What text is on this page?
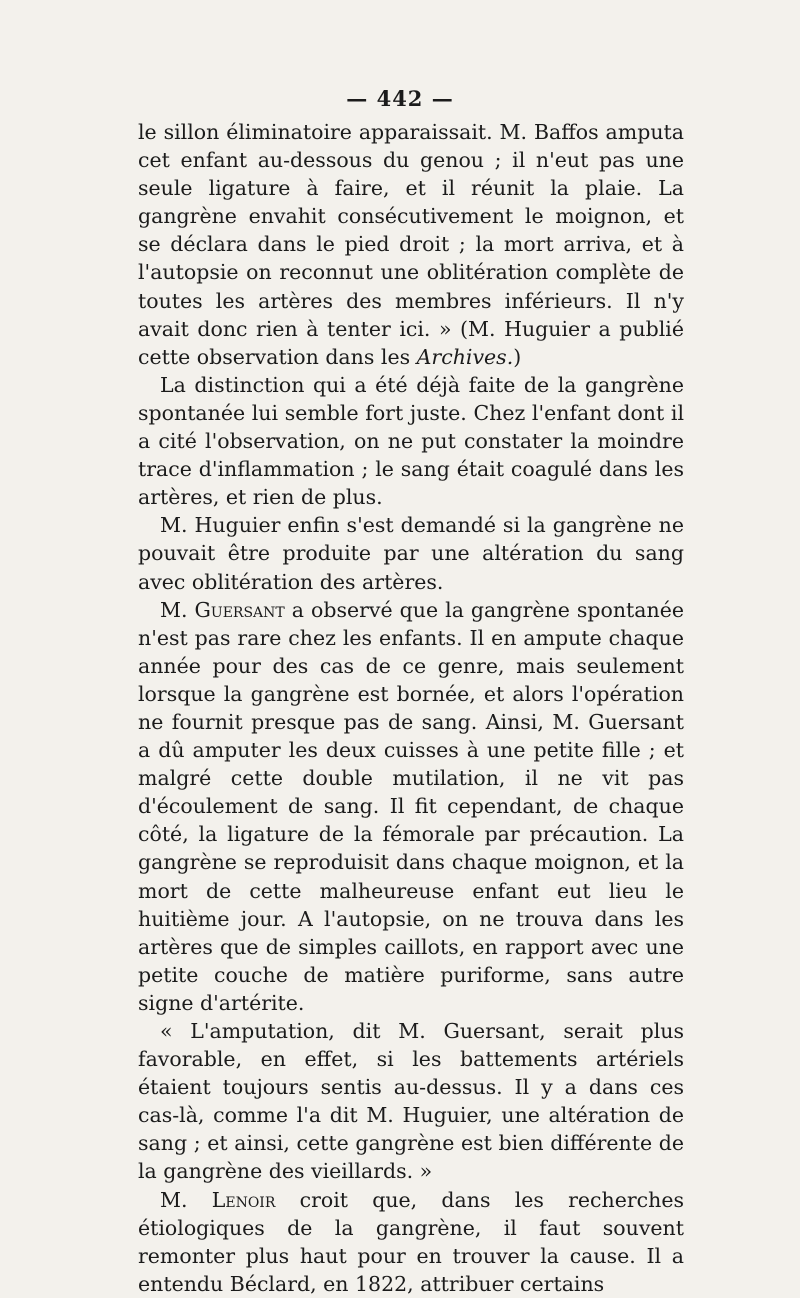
— 442 —

le sillon éliminatoire apparaissait. M. Baffos amputa cet enfant au-dessous du genou ; il n'eut pas une seule ligature à faire, et il réunit la plaie. La gangrène envahit consécutivement le moignon, et se déclara dans le pied droit ; la mort arriva, et à l'autopsie on reconnut une oblitération complète de toutes les artères des membres inférieurs. Il n'y avait donc rien à tenter ici. » (M. Huguier a publié cette observation dans les Archives.)

La distinction qui a été déjà faite de la gangrène spontanée lui semble fort juste. Chez l'enfant dont il a cité l'observation, on ne put constater la moindre trace d'inflammation ; le sang était coagulé dans les artères, et rien de plus.

M. Huguier enfin s'est demandé si la gangrène ne pouvait être produite par une altération du sang avec oblitération des artères.

M. Guersant a observé que la gangrène spontanée n'est pas rare chez les enfants. Il en ampute chaque année pour des cas de ce genre, mais seulement lorsque la gangrène est bornée, et alors l'opération ne fournit presque pas de sang. Ainsi, M. Guersant a dû amputer les deux cuisses à une petite fille ; et malgré cette double mutilation, il ne vit pas d'écoulement de sang. Il fit cependant, de chaque côté, la ligature de la fémorale par précaution. La gangrène se reproduisit dans chaque moignon, et la mort de cette malheureuse enfant eut lieu le huitième jour. A l'autopsie, on ne trouva dans les artères que de simples caillots, en rapport avec une petite couche de matière puriforme, sans autre signe d'artérite.

« L'amputation, dit M. Guersant, serait plus favorable, en effet, si les battements artériels étaient toujours sentis au-dessus. Il y a dans ces cas-là, comme l'a dit M. Huguier, une altération de sang ; et ainsi, cette gangrène est bien différente de la gangrène des vieillards. »

M. Lenoir croit que, dans les recherches étiologiques de la gangrène, il faut souvent remonter plus haut pour en trouver la cause. Il a entendu Béclard, en 1822, attribuer certains
